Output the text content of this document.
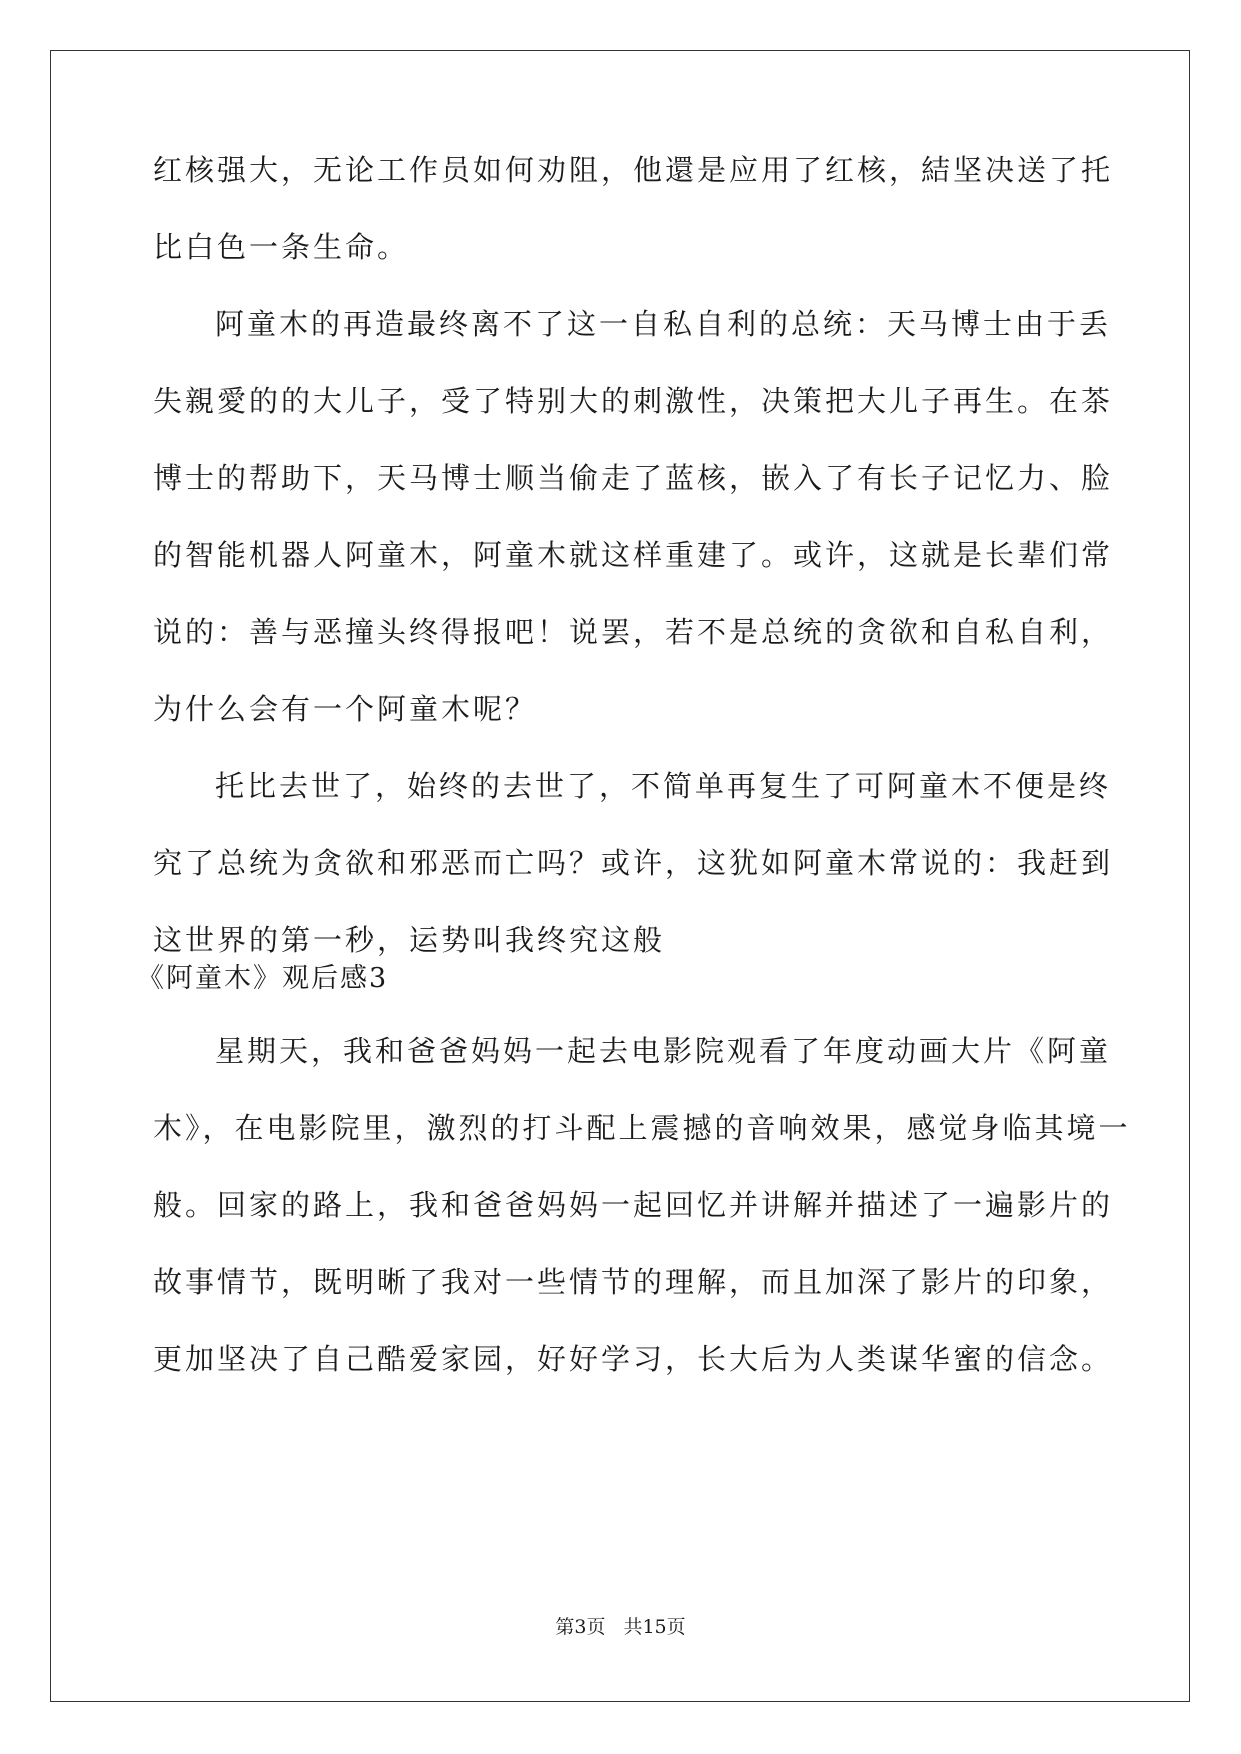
红核强大，无论工作员如何劝阻，他還是应用了红核，結坚决送了托
比白色一条生命。
阿童木的再造最终离不了这一自私自利的总统：天马博士由于丢
失親愛的的大儿子，受了特别大的刺激性，决策把大儿子再生。在茶
博士的帮助下，天马博士顺当偷走了蓝核，嵌入了有长子记忆力、脸
的智能机器人阿童木，阿童木就这样重建了。或许，这就是长辈们常
说的：善与恶撞头终得报吧！说罢，若不是总统的贪欲和自私自利，
为什么会有一个阿童木呢？
托比去世了，始终的去世了，不简单再复生了可阿童木不便是终
究了总统为贪欲和邪恶而亡吗？或许，这犹如阿童木常说的：我赶到
这世界的第一秒，运势叫我终究这般
《阿童木》观后感3
星期天，我和爸爸妈妈一起去电影院观看了年度动画大片《阿童
木》，在电影院里，激烈的打斗配上震撼的音响效果，感觉身临其境一
般。回家的路上，我和爸爸妈妈一起回忆并讲解并描述了一遍影片的
故事情节，既明晰了我对一些情节的理解，而且加深了影片的印象，
更加坚决了自己酷爱家园，好好学习，长大后为人类谋华蜜的信念。
第3页 共15页
